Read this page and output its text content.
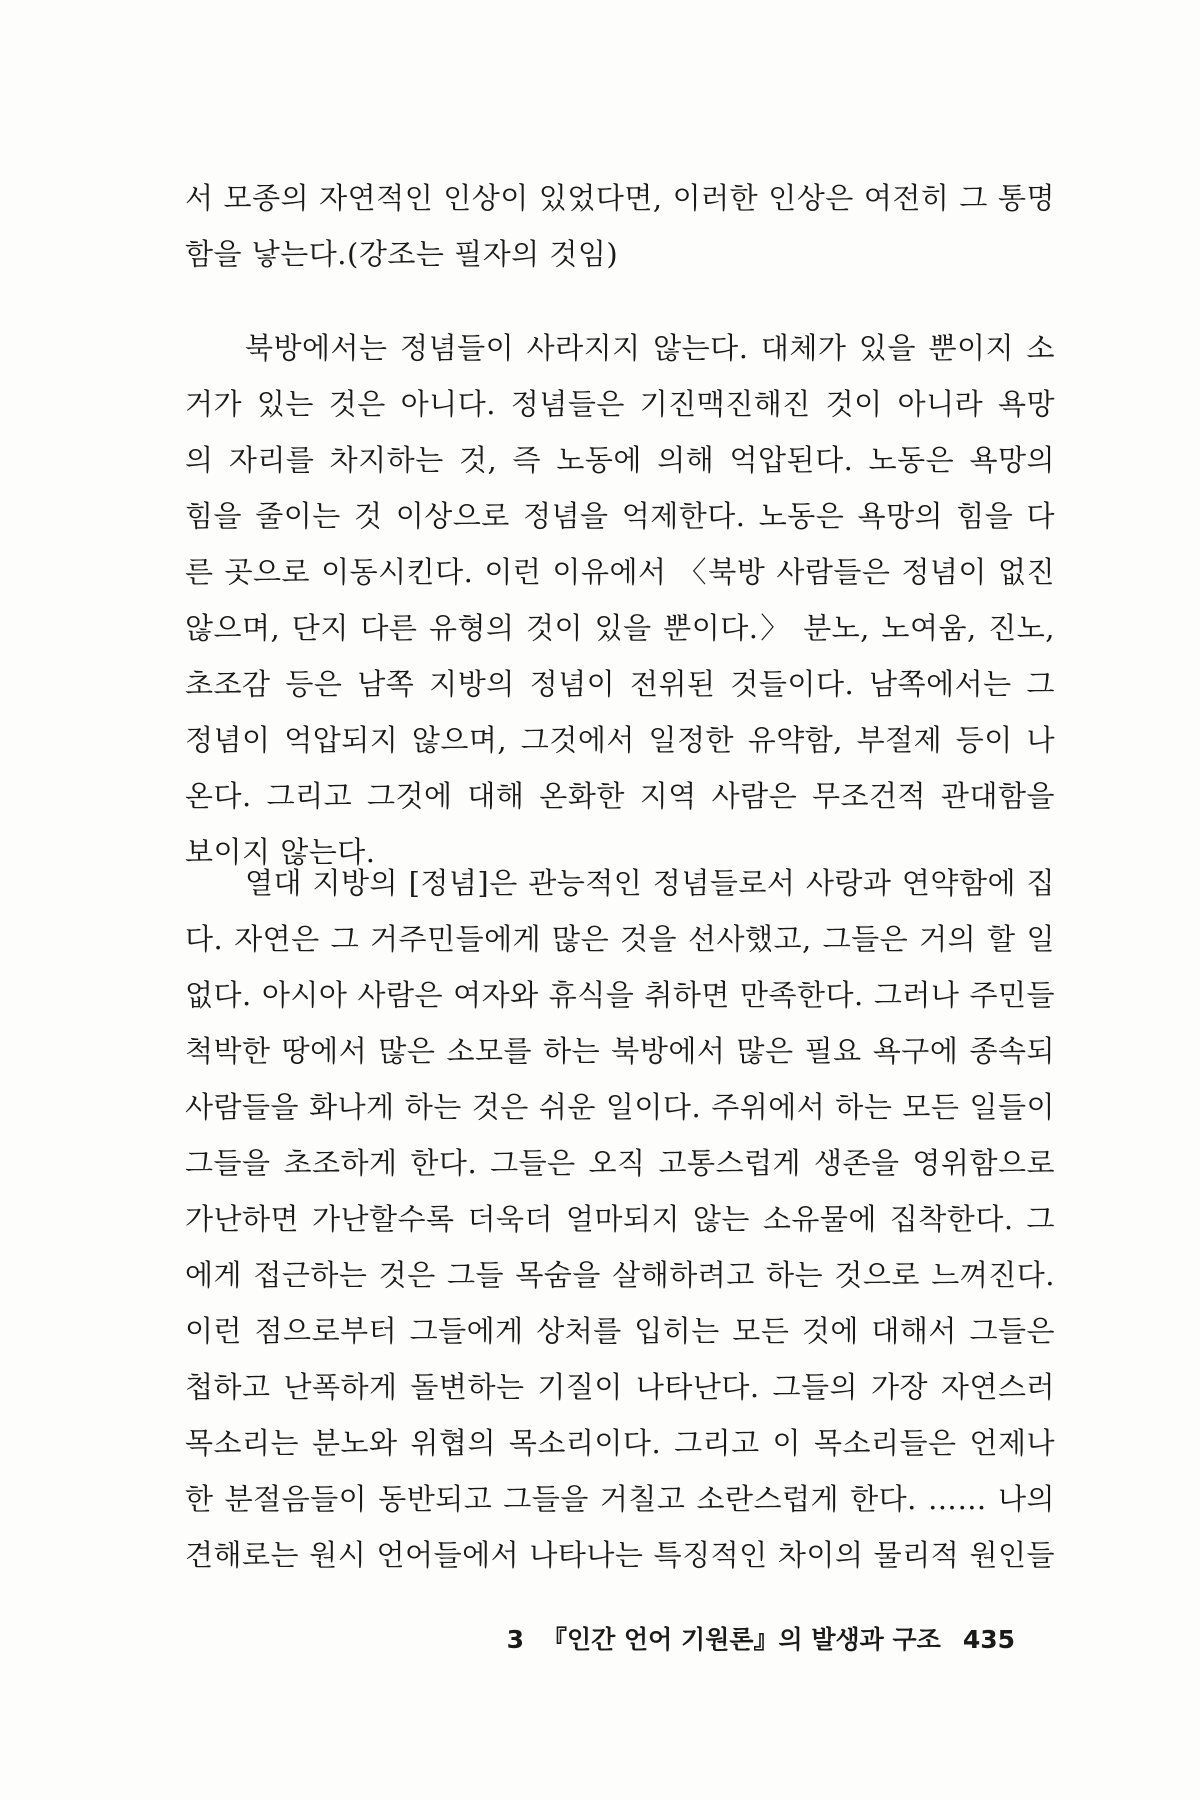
서 모종의 자연적인 인상이 있었다면, 이러한 인상은 여전히 그 통명
함을 낳는다.(강조는 필자의 것임)
북방에서는 정념들이 사라지지 않는다. 대체가 있을 뿐이지 소
거가 있는 것은 아니다. 정념들은 기진맥진해진 것이 아니라 욕망
의 자리를 차지하는 것, 즉 노동에 의해 억압된다. 노동은 욕망의
힘을 줄이는 것 이상으로 정념을 억제한다. 노동은 욕망의 힘을 다
른 곳으로 이동시킨다. 이런 이유에서 〈북방 사람들은 정념이 없진
않으며, 단지 다른 유형의 것이 있을 뿐이다.〉 분노, 노여움, 진노,
초조감 등은 남쪽 지방의 정념이 전위된 것들이다. 남쪽에서는 그
정념이 억압되지 않으며, 그것에서 일정한 유약함, 부절제 등이 나
온다. 그리고 그것에 대해 온화한 지역 사람은 무조건적 관대함을
보이지 않는다.
열대 지방의 [정념]은 관능적인 정념들로서 사랑과 연약함에 집
다. 자연은 그 거주민들에게 많은 것을 선사했고, 그들은 거의 할 일
없다. 아시아 사람은 여자와 휴식을 취하면 만족한다. 그러나 주민들
척박한 땅에서 많은 소모를 하는 북방에서 많은 필요 욕구에 종속되
사람들을 화나게 하는 것은 쉬운 일이다. 주위에서 하는 모든 일들이
그들을 초조하게 한다. 그들은 오직 고통스럽게 생존을 영위함으로
가난하면 가난할수록 더욱더 얼마되지 않는 소유물에 집착한다. 그
에게 접근하는 것은 그들 목숨을 살해하려고 하는 것으로 느껴진다.
이런 점으로부터 그들에게 상처를 입히는 모든 것에 대해서 그들은
첩하고 난폭하게 돌변하는 기질이 나타난다. 그들의 가장 자연스러
목소리는 분노와 위협의 목소리이다. 그리고 이 목소리들은 언제나
한 분절음들이 동반되고 그들을 거칠고 소란스럽게 한다. …… 나의
견해로는 원시 언어들에서 나타나는 특징적인 차이의 물리적 원인들
3 『인간 언어 기원론』의 발생과 구조 435
